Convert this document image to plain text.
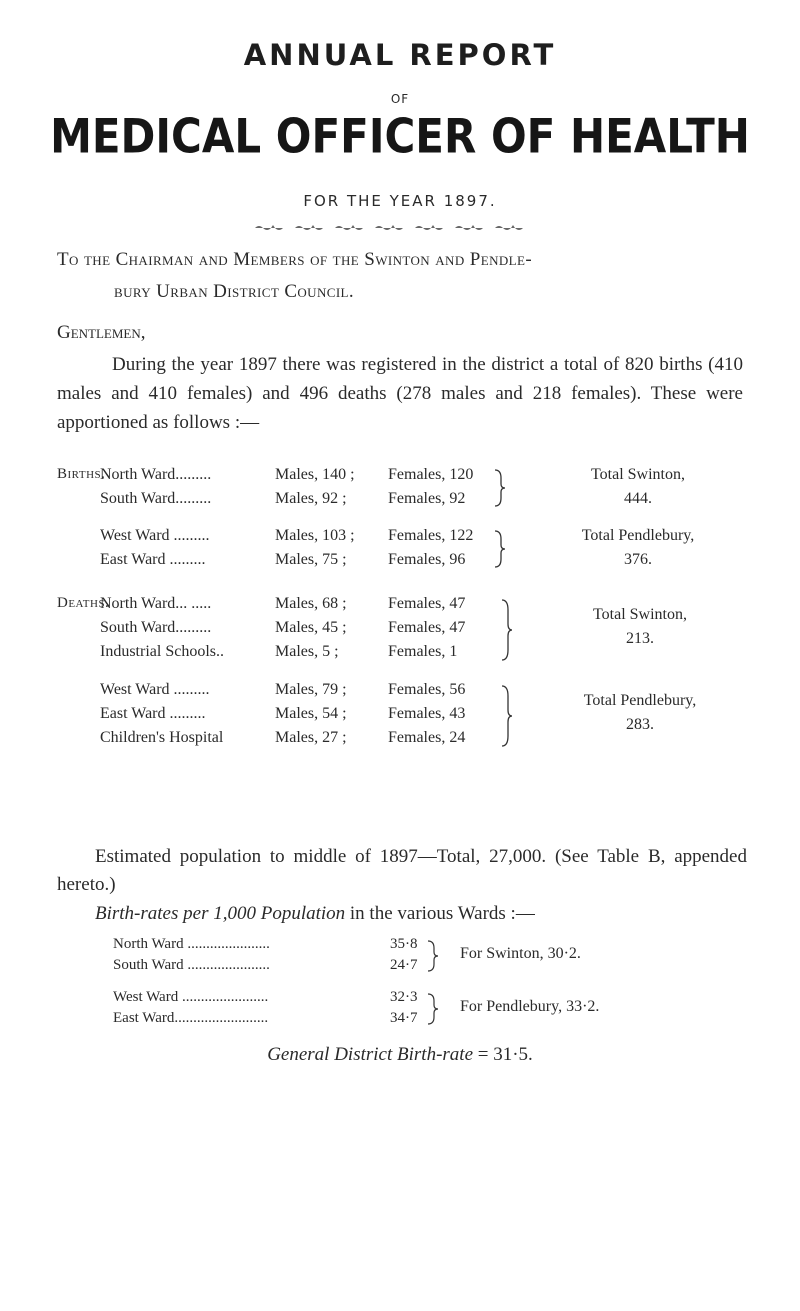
ANNUAL REPORT
OF
MEDICAL OFFICER OF HEALTH
FOR THE YEAR 1897.
To the Chairman and Members of the Swinton and Pendle-
bury Urban District Council.
Gentlemen,
During the year 1897 there was registered in the district a total of 820 births (410 males and 410 females) and 496 deaths (278 males and 218 females). These were apportioned as follows :—
Births.
North Ward.........	Males, 140 ; Females, 120
South Ward.........	Males, 92 ;	Females, 92
Total Swinton,
444.
West Ward .........	Males, 103 ; Females, 122
East Ward .........	Males, 75 ;	Females, 96
Total Pendlebury,
376.
Deaths.
North Ward... .....	Males, 68 ;	Females, 47
South Ward.........	Males, 45 ;	Females, 47
Industrial Schools..	Males, 5 ;	Females, 1
Total Swinton,
213.
West Ward .........	Males, 79 ;	Females, 56
East Ward .........	Males, 54 ;	Females, 43
Children's Hospital	Males, 27 ;	Females, 24
Total Pendlebury,
283.
Estimated population to middle of 1897—Total, 27,000. (See Table B, appended hereto.)
Birth-rates per 1,000 Population in the various Wards :—
North Ward ......................	35·8
South Ward ......................	24·7
For Swinton, 30·2.
West Ward .......................	32·3
East Ward.........................	34·7
For Pendlebury, 33·2.
General District Birth-rate = 31·5.
